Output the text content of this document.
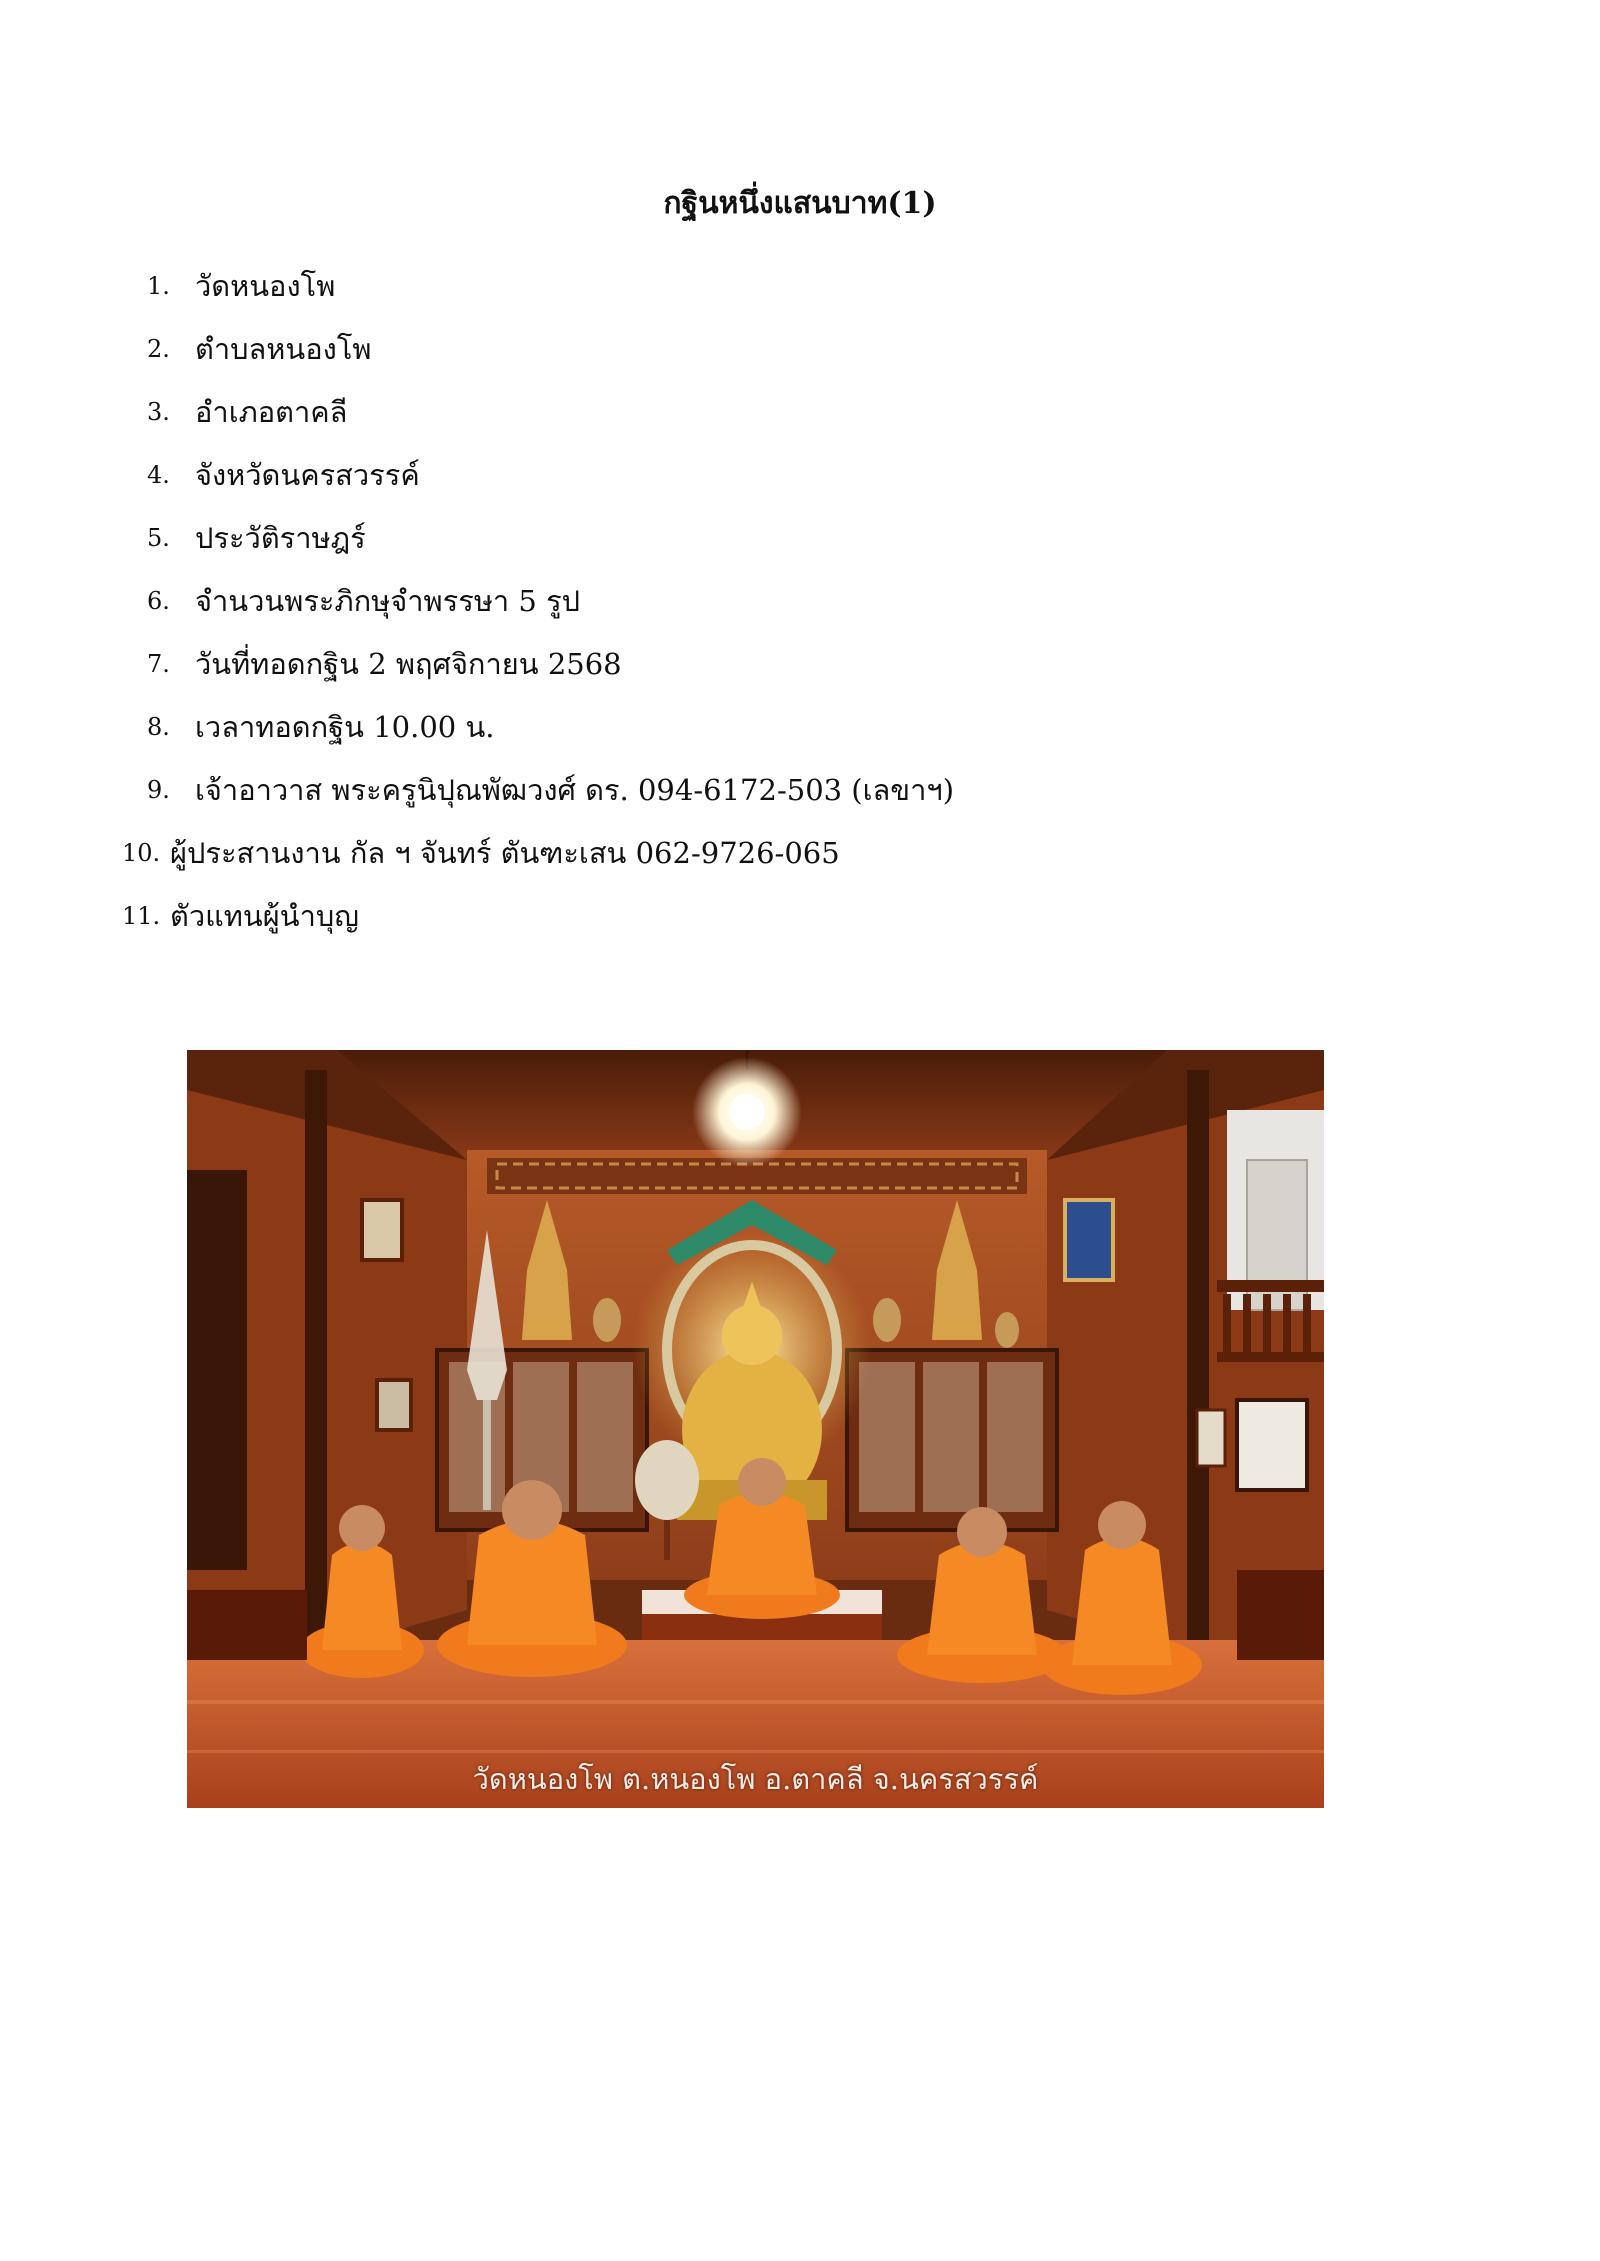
กฐินหนึ่งแสนบาท(1)
1. วัดหนองโพ
2. ตำบลหนองโพ
3. อำเภอตาคลี
4. จังหวัดนครสวรรค์
5. ประวัติราษฎร์
6. จำนวนพระภิกษุจำพรรษา 5 รูป
7. วันที่ทอดกฐิน 2 พฤศจิกายน 2568
8. เวลาทอดกฐิน 10.00 น.
9. เจ้าอาวาส พระครูนิปุณพัฒวงศ์ ดร. 094-6172-503 (เลขาฯ)
10. ผู้ประสานงาน กัล ฯ จันทร์ ตันฑะเสน 062-9726-065
11. ตัวแทนผู้นำบุญ
วัดหนองโพ ต.หนองโพ อ.ตาคลี จ.นครสวรรค์
